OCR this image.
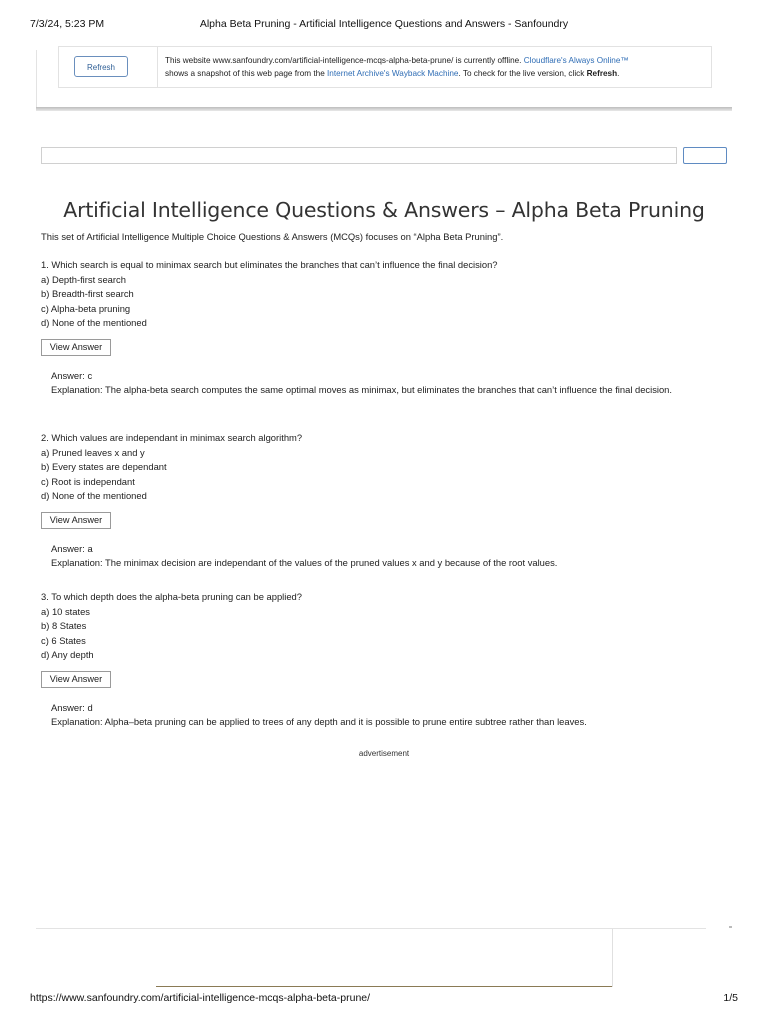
7/3/24, 5:23 PM	Alpha Beta Pruning - Artificial Intelligence Questions and Answers - Sanfoundry
Refresh
This website www.sanfoundry.com/artificial-intelligence-mcqs-alpha-beta-prune/ is currently offline. Cloudflare's Always Online™
shows a snapshot of this web page from the Internet Archive's Wayback Machine. To check for the live version, click Refresh.
Artificial Intelligence Questions & Answers – Alpha Beta Pruning
This set of Artificial Intelligence Multiple Choice Questions & Answers (MCQs) focuses on “Alpha Beta Pruning”.
1. Which search is equal to minimax search but eliminates the branches that can’t influence the final decision?
a) Depth-first search
b) Breadth-first search
c) Alpha-beta pruning
d) None of the mentioned
View Answer
Answer: c
Explanation: The alpha-beta search computes the same optimal moves as minimax, but eliminates the branches that can’t influence the final decision.
2. Which values are independant in minimax search algorithm?
a) Pruned leaves x and y
b) Every states are dependant
c) Root is independant
d) None of the mentioned
View Answer
Answer: a
Explanation: The minimax decision are independant of the values of the pruned values x and y because of the root values.
3. To which depth does the alpha-beta pruning can be applied?
a) 10 states
b) 8 States
c) 6 States
d) Any depth
View Answer
Answer: d
Explanation: Alpha–beta pruning can be applied to trees of any depth and it is possible to prune entire subtree rather than leaves.
advertisement
https://www.sanfoundry.com/artificial-intelligence-mcqs-alpha-beta-prune/	1/5
